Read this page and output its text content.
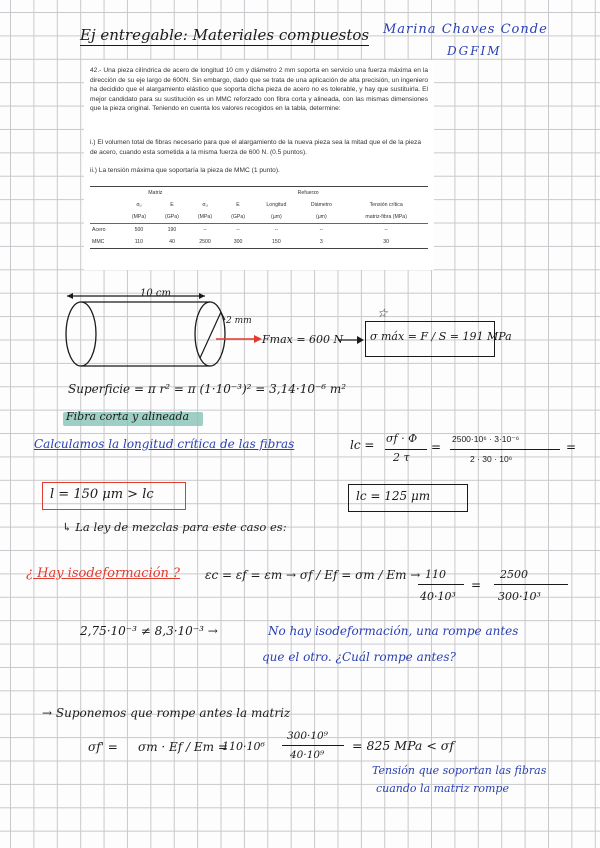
Ej entregable: Materiales compuestos Marina Chaves Conde
DGFIM

42.- Una pieza cilíndrica de acero de longitud 10 cm y diámetro 2 mm soporta en servicio una fuerza máxima en la dirección de su eje largo de 600N. Sin embargo, dado que se trata de una aplicación de alta precisión, un ingeniero ha decidido que el alargamiento elástico que soporta dicha pieza de acero no es tolerable, y hay que sustituirla. El mejor candidato para su sustitución es un MMC reforzado con fibra corta y alineada, con las mismas dimensiones que la pieza original. Teniendo en cuenta los valores recogidos en la tabla, determine:

i.) El volumen total de fibras necesario para que el alargamiento de la nueva pieza sea la mitad que el de la pieza de acero, cuando esta sometida a la misma fuerza de 600 N. (0.5 puntos).

ii.) La tensión máxima que soportaría la pieza de MMC (1 punto).

	Matriz		Refuerzo				
	σᵤ	E	σᵤ	E	Longitud	Diámetro	Tensión crítica
	(MPa)	(GPa)	(MPa)	(GPa)	(μm)	(μm)	matriz-fibra (MPa)
Acero	500	190	--	--	--	--	--
MMC	110	40	2500	300	150	3	30
10 cm
2 mm
Fmax = 600 N
☆
σ máx = F / S = 191 MPa
Superficie = π r² = π (1·10⁻³)² = 3,14·10⁻⁶ m²
Fibra corta y alineada
Calculamos la longitud crítica de las fibras	lc = σf · Φ
2 τ
=
2500·10⁶ · 3·10⁻⁶
2 · 30 · 10⁶
=
l = 150 μm > lc	lc = 125 μm
↳ La ley de mezclas para este caso es:
¿ Hay isodeformación ? εc = εf = εm → σf / Ef = σm / Em → 110
40·10³
=
2500
300·10³
2,75·10⁻³ ≠ 8,3·10⁻³ →	No hay isodeformación, una rompe antes
que el otro. ¿Cuál rompe antes?
→ Suponemos que rompe antes la matriz
σf' = σm · Ef / Em =
110·10⁶
300·10⁹
40·10⁹
= 825 MPa < σf
Tensión que soportan las fibras
cuando la matriz rompe
